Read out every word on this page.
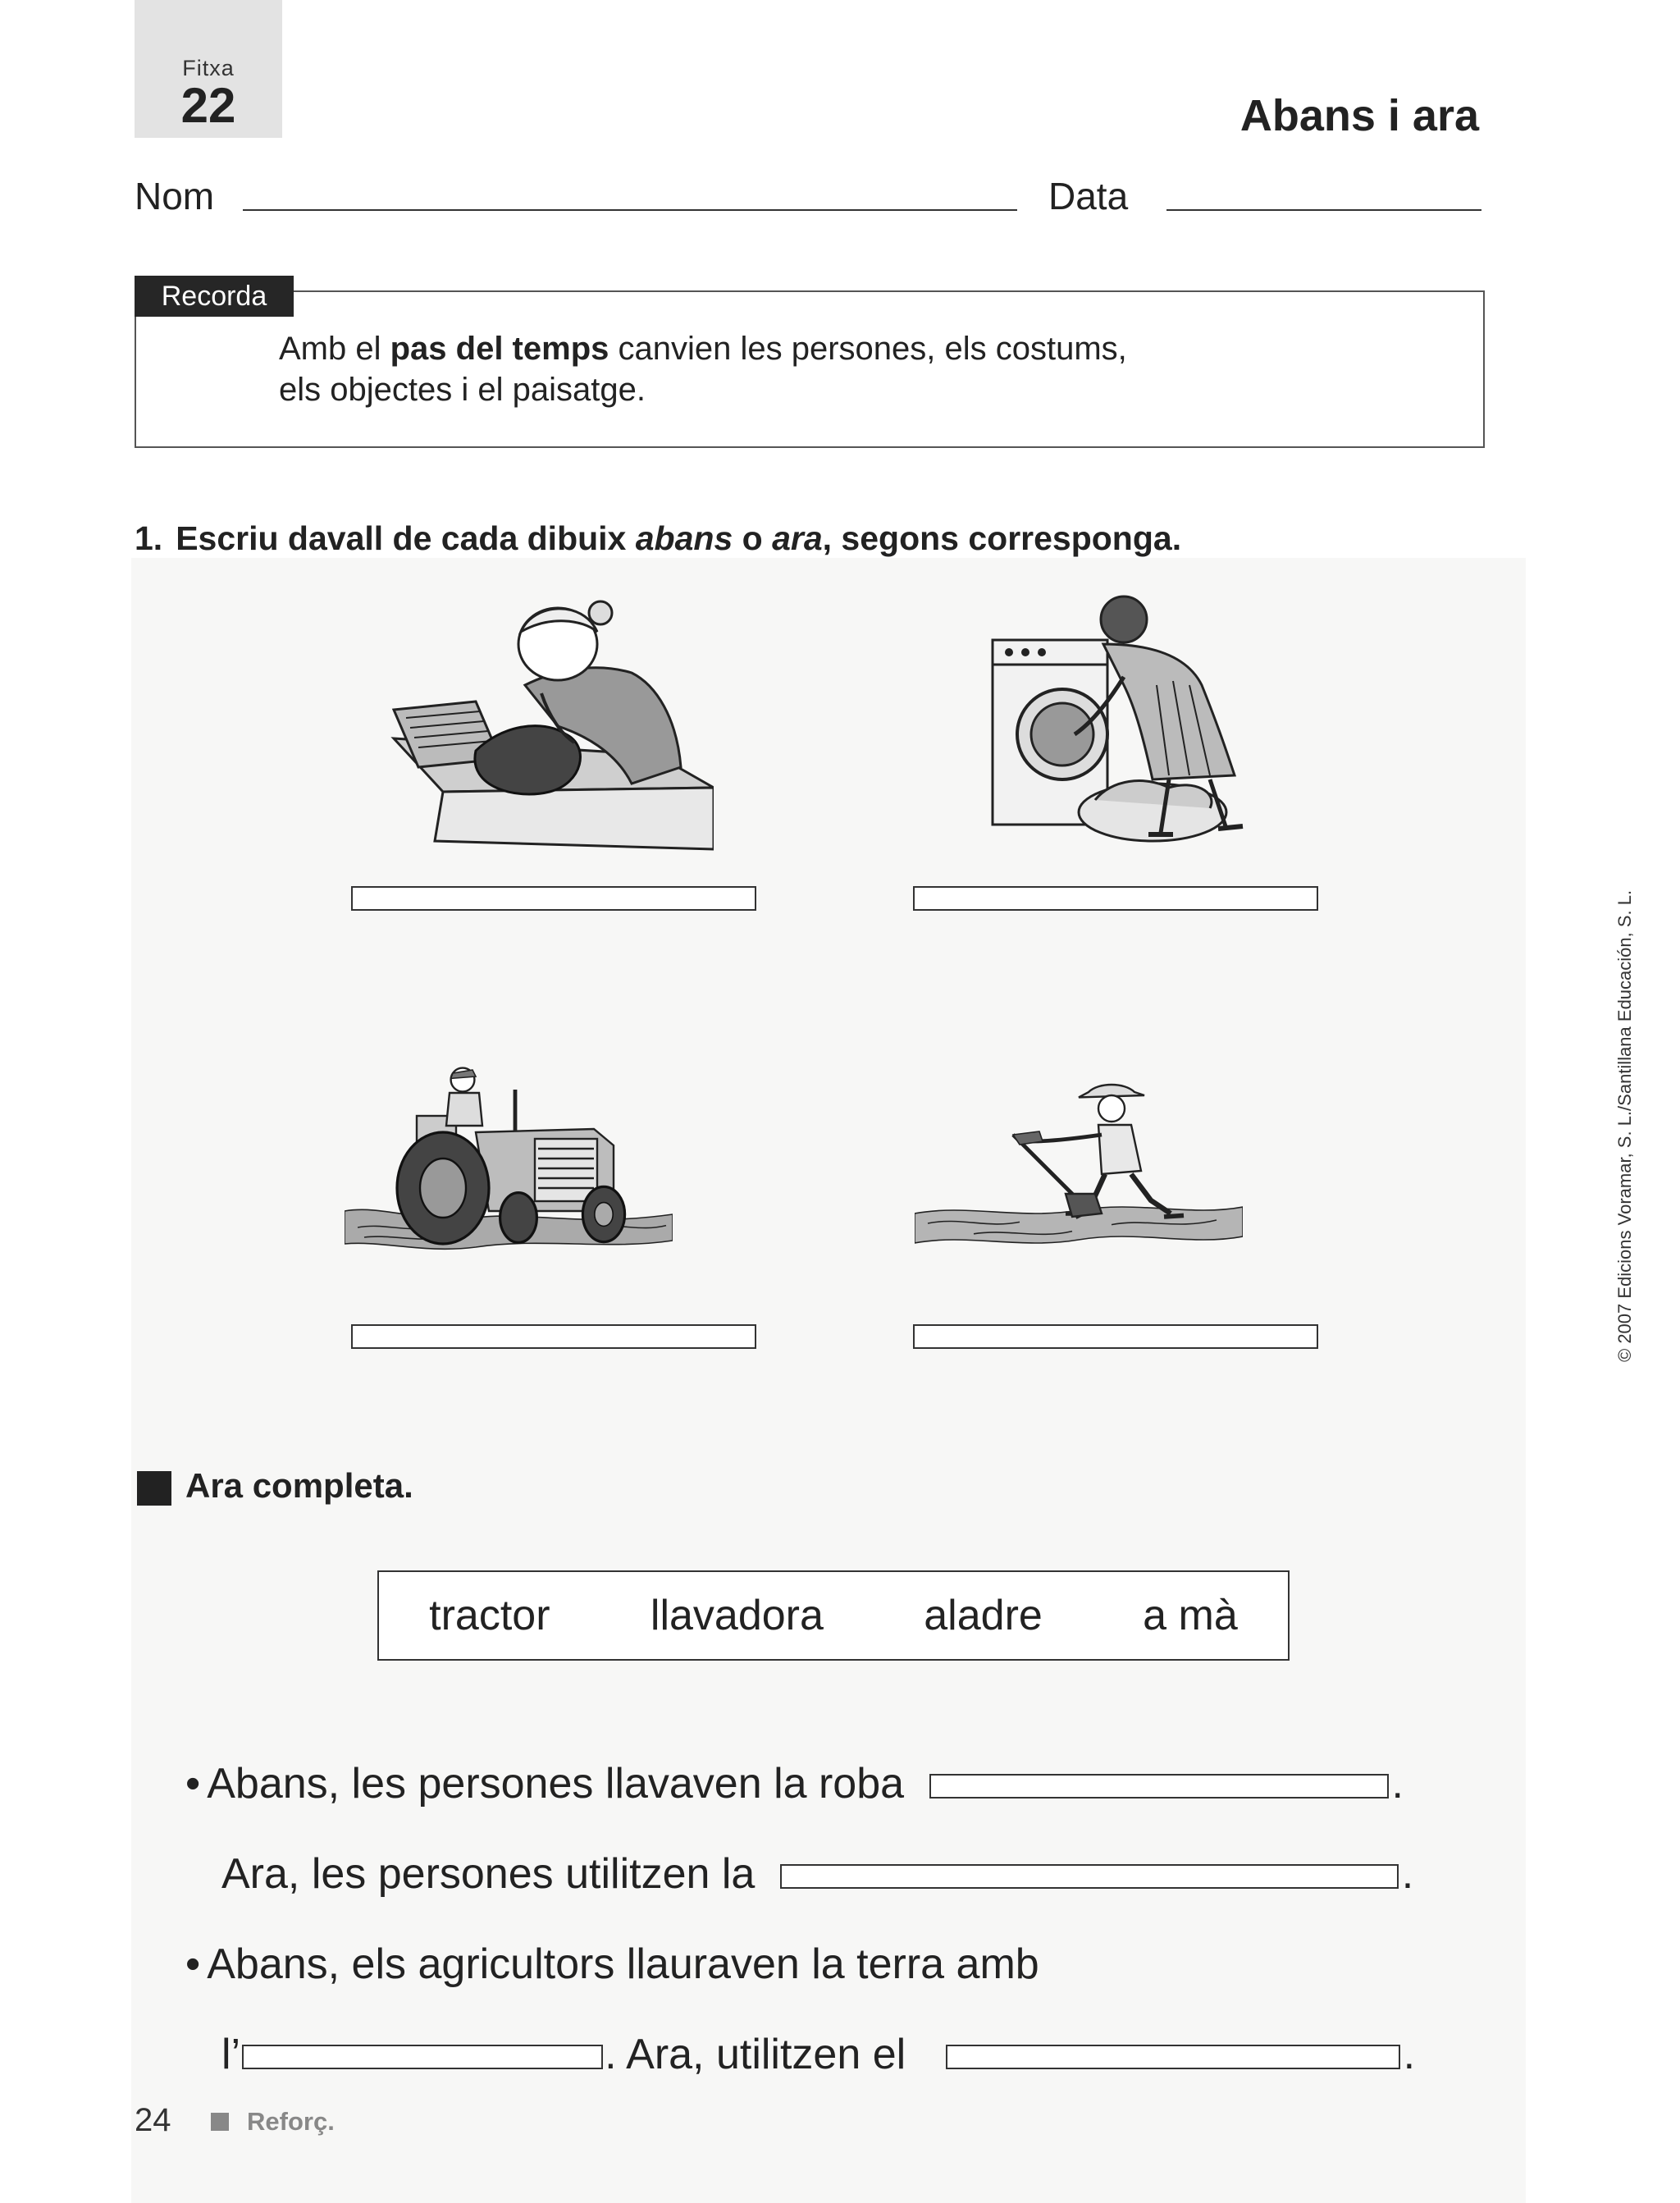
Fitxa
22	Abans i ara
Nom	Data
Recorda
Amb el pas del temps canvien les persones, els costums,
els objectes i el paisatge.
1. Escriu davall de cada dibuix abans o ara, segons corresponga.
Ara completa.
tractor llavadora aladre a mà
• Abans, les persones llavaven la roba	.
Ara, les persones utilitzen la	.
• Abans, els agricultors llauraven la terra amb
l’	. Ara, utilitzen el	.
24	Reforç.
© 2007 Edicions Voramar, S. L./Santillana Educación, S. L.
